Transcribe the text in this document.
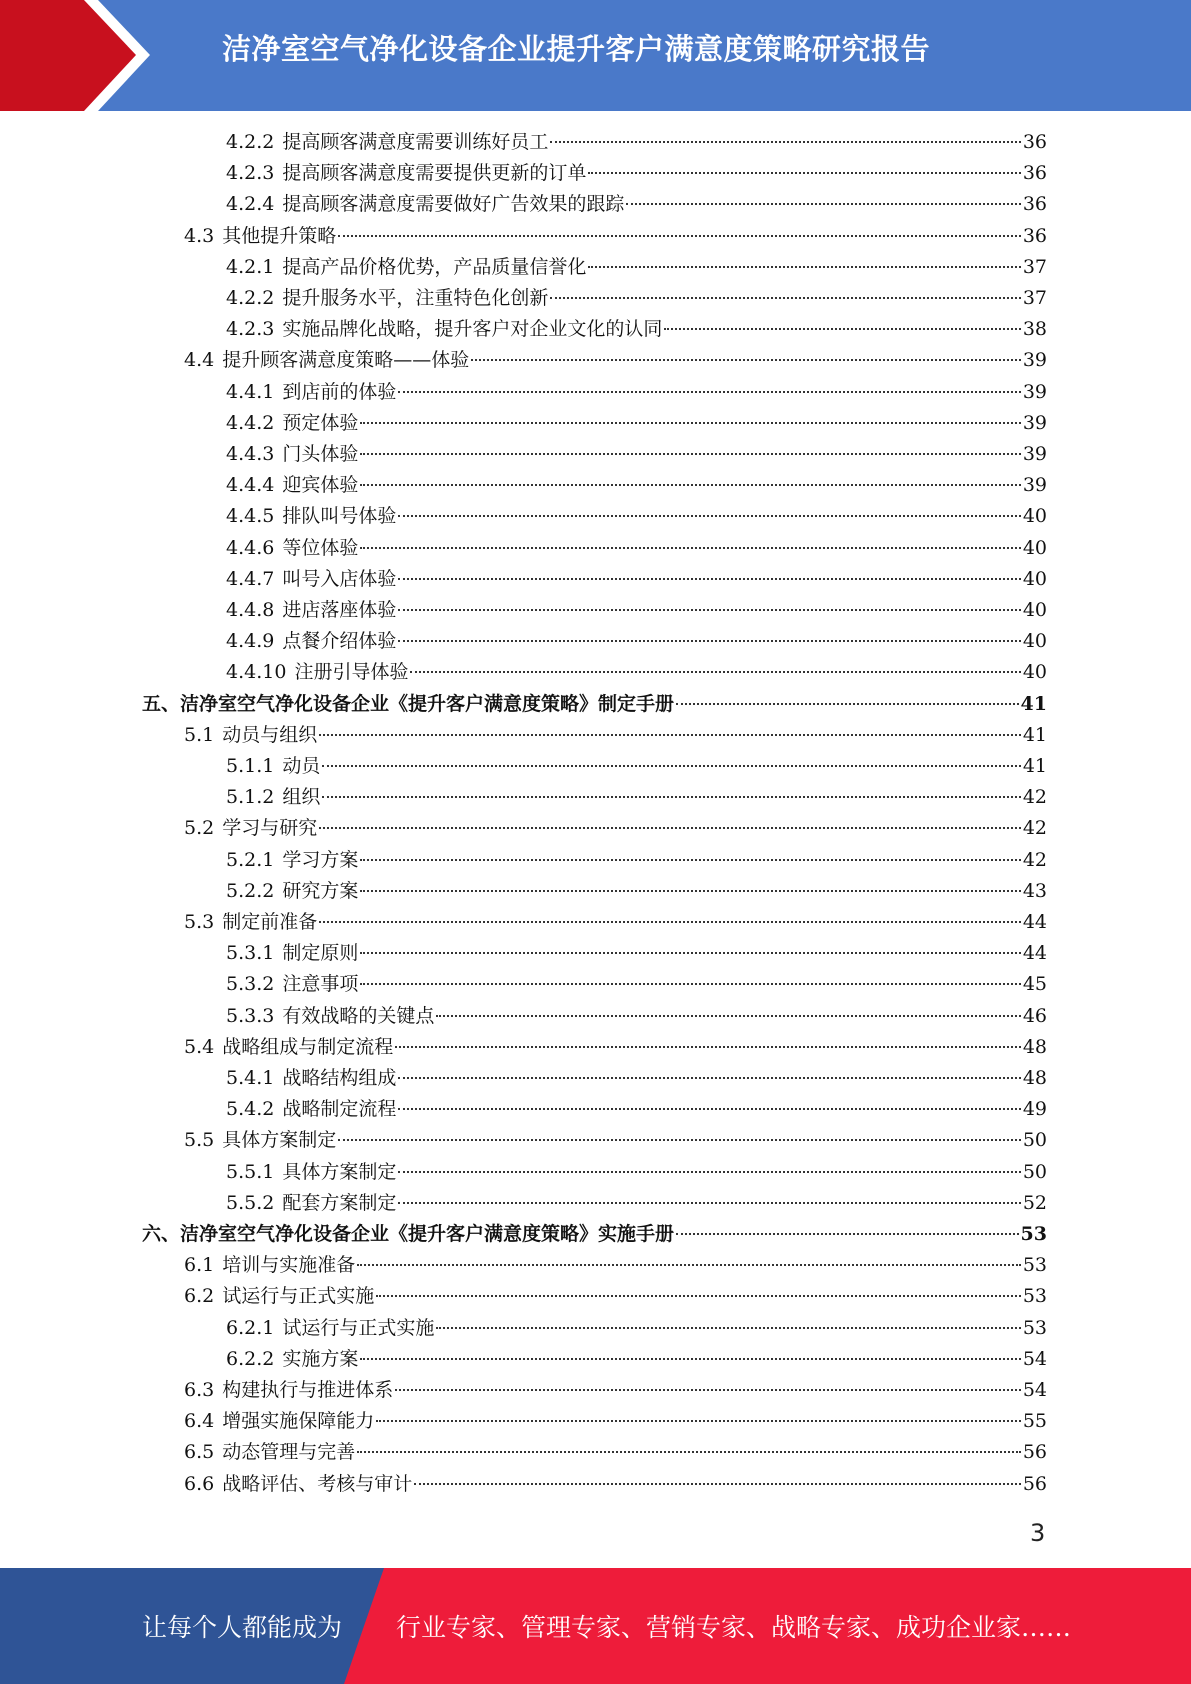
洁净室空气净化设备企业提升客户满意度策略研究报告
4.2.2 提高顾客满意度需要训练好员工	36
4.2.3 提高顾客满意度需要提供更新的订单	36
4.2.4 提高顾客满意度需要做好广告效果的跟踪	36
4.3 其他提升策略	36
4.2.1 提高产品价格优势，产品质量信誉化	37
4.2.2 提升服务水平，注重特色化创新	37
4.2.3 实施品牌化战略，提升客户对企业文化的认同	38
4.4 提升顾客满意度策略——体验	39
4.4.1 到店前的体验	39
4.4.2 预定体验	39
4.4.3 门头体验	39
4.4.4 迎宾体验	39
4.4.5 排队叫号体验	40
4.4.6 等位体验	40
4.4.7 叫号入店体验	40
4.4.8 进店落座体验	40
4.4.9 点餐介绍体验	40
4.4.10 注册引导体验	40
五、 洁净室空气净化设备企业《提升客户满意度策略》制定手册	41
5.1 动员与组织	41
5.1.1 动员	41
5.1.2 组织	42
5.2 学习与研究	42
5.2.1 学习方案	42
5.2.2 研究方案	43
5.3 制定前准备	44
5.3.1 制定原则	44
5.3.2 注意事项	45
5.3.3 有效战略的关键点	46
5.4 战略组成与制定流程	48
5.4.1 战略结构组成	48
5.4.2 战略制定流程	49
5.5 具体方案制定	50
5.5.1 具体方案制定	50
5.5.2 配套方案制定	52
六、 洁净室空气净化设备企业《提升客户满意度策略》实施手册	53
6.1 培训与实施准备	53
6.2 试运行与正式实施	53
6.2.1 试运行与正式实施	53
6.2.2 实施方案	54
6.3 构建执行与推进体系	54
6.4 增强实施保障能力	55
6.5 动态管理与完善	56
6.6 战略评估、考核与审计	56
3
让每个人都能成为 行业专家、管理专家、营销专家、战略专家、成功企业家……
